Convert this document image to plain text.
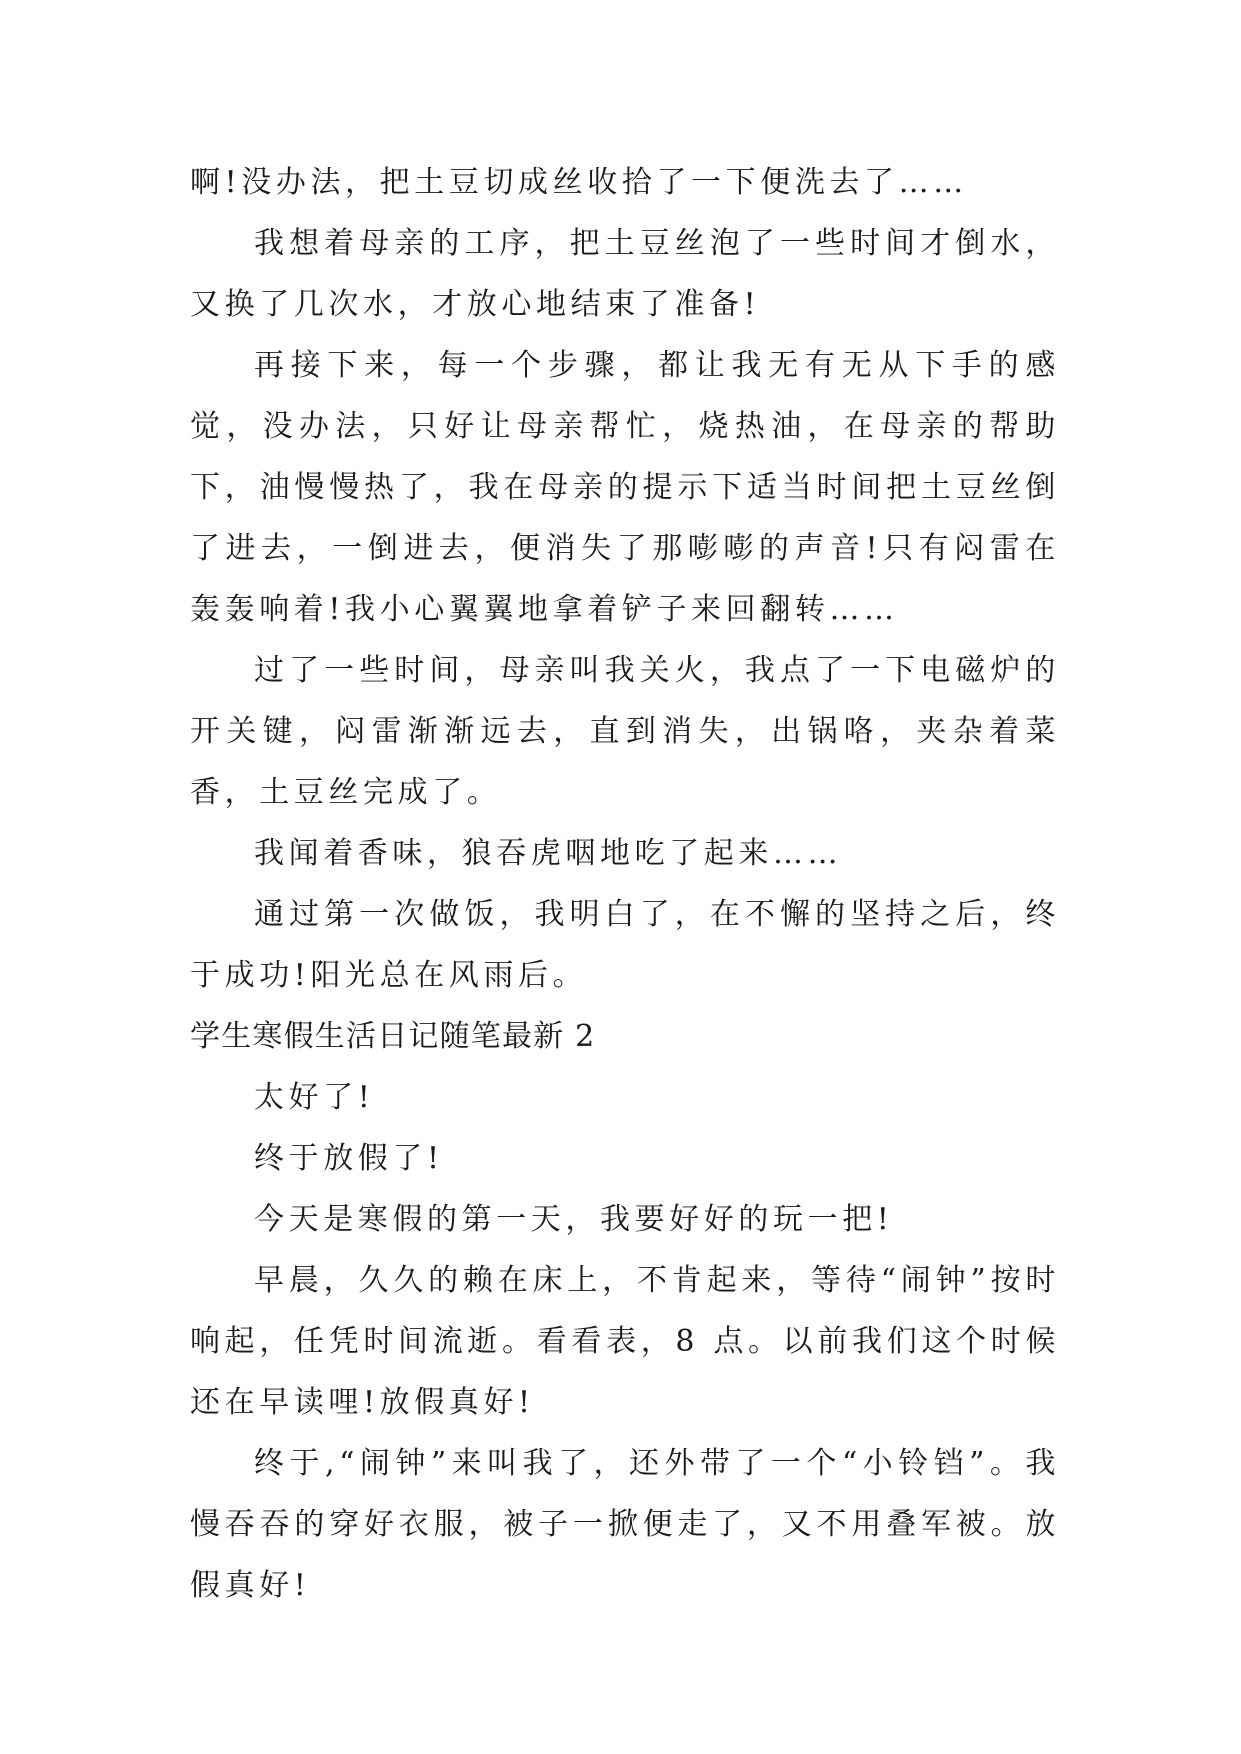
啊!没办法，把土豆切成丝收拾了一下便洗去了……

我想着母亲的工序，把土豆丝泡了一些时间才倒水，又换了几次水，才放心地结束了准备!

再接下来，每一个步骤，都让我无有无从下手的感觉，没办法，只好让母亲帮忙，烧热油，在母亲的帮助下，油慢慢热了，我在母亲的提示下适当时间把土豆丝倒了进去，一倒进去，便消失了那嘭嘭的声音!只有闷雷在轰轰响着!我小心翼翼地拿着铲子来回翻转……

过了一些时间，母亲叫我关火，我点了一下电磁炉的开关键，闷雷渐渐远去，直到消失，出锅咯，夹杂着菜香，土豆丝完成了。

我闻着香味，狼吞虎咽地吃了起来……

通过第一次做饭，我明白了，在不懈的坚持之后，终于成功!阳光总在风雨后。

学生寒假生活日记随笔最新 2

太好了!

终于放假了!

今天是寒假的第一天，我要好好的玩一把!

早晨，久久的赖在床上，不肯起来，等待“闹钟”按时响起，任凭时间流逝。看看表，8 点。以前我们这个时候还在早读哩!放假真好!

终于,“闹钟”来叫我了，还外带了一个“小铃铛”。我慢吞吞的穿好衣服，被子一掀便走了，又不用叠军被。放假真好!
